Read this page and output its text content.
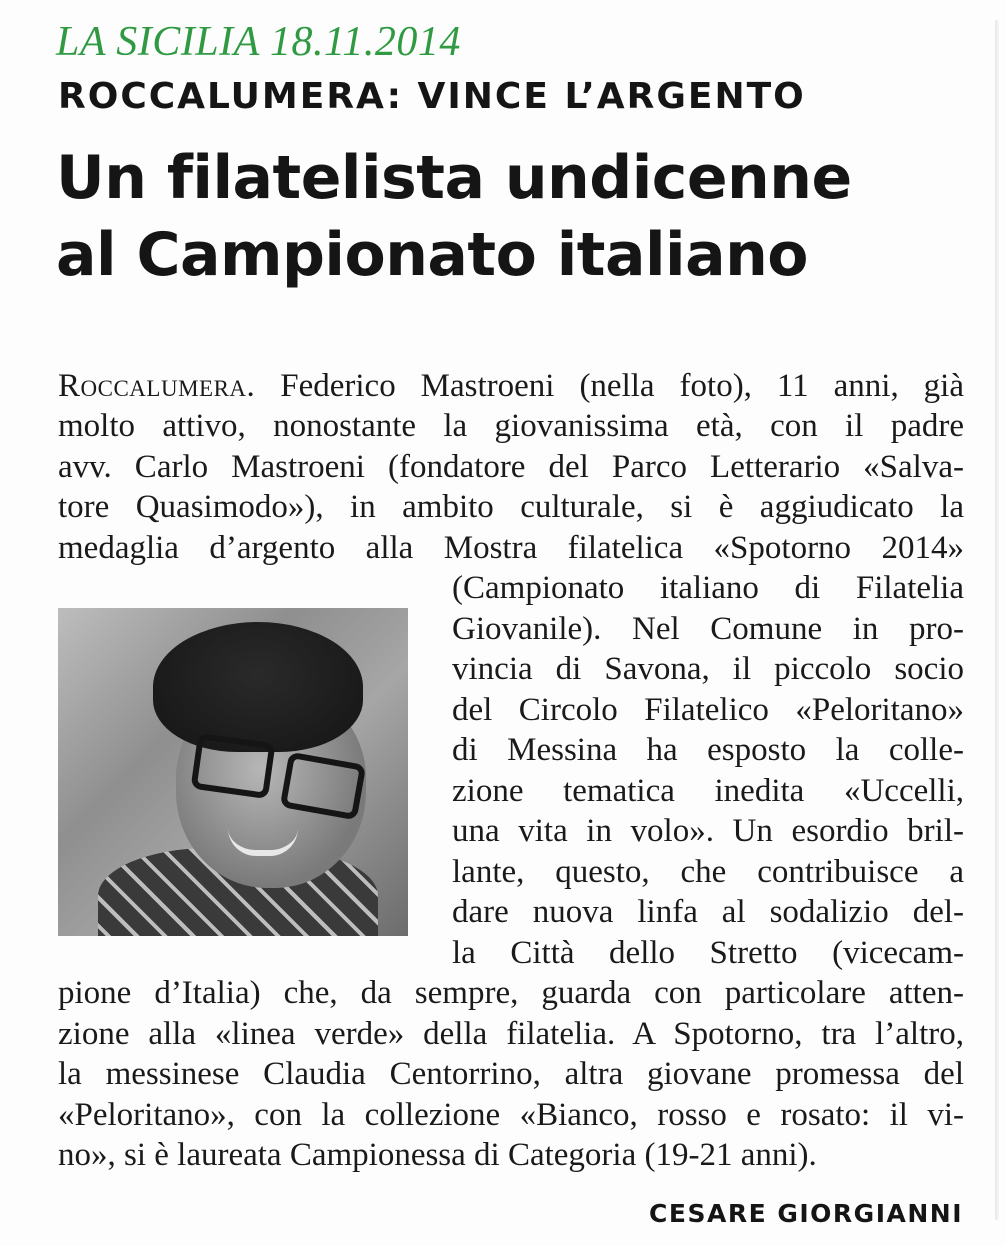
LA SICILIA 18.11.2014
ROCCALUMERA: VINCE L’ARGENTO
Un filatelista undicenne
al Campionato italiano
Roccalumera. Federico Mastroeni (nella foto), 11 anni, già
molto attivo, nonostante la giovanissima età, con il padre
avv. Carlo Mastroeni (fondatore del Parco Letterario «Salva-
tore Quasimodo»), in ambito culturale, si è aggiudicato la
medaglia d’argento alla Mostra filatelica «Spotorno 2014»
(Campionato italiano di Filatelia
Giovanile). Nel Comune in pro-
vincia di Savona, il piccolo socio
del Circolo Filatelico «Peloritano»
di Messina ha esposto la colle-
zione tematica inedita «Uccelli,
una vita in volo». Un esordio bril-
lante, questo, che contribuisce a
dare nuova linfa al sodalizio del-
la Città dello Stretto (vicecam-
pione d’Italia) che, da sempre, guarda con particolare atten-
zione alla «linea verde» della filatelia. A Spotorno, tra l’altro,
la messinese Claudia Centorrino, altra giovane promessa del
«Peloritano», con la collezione «Bianco, rosso e rosato: il vi-
no», si è laureata Campionessa di Categoria (19-21 anni).
CESARE GIORGIANNI
